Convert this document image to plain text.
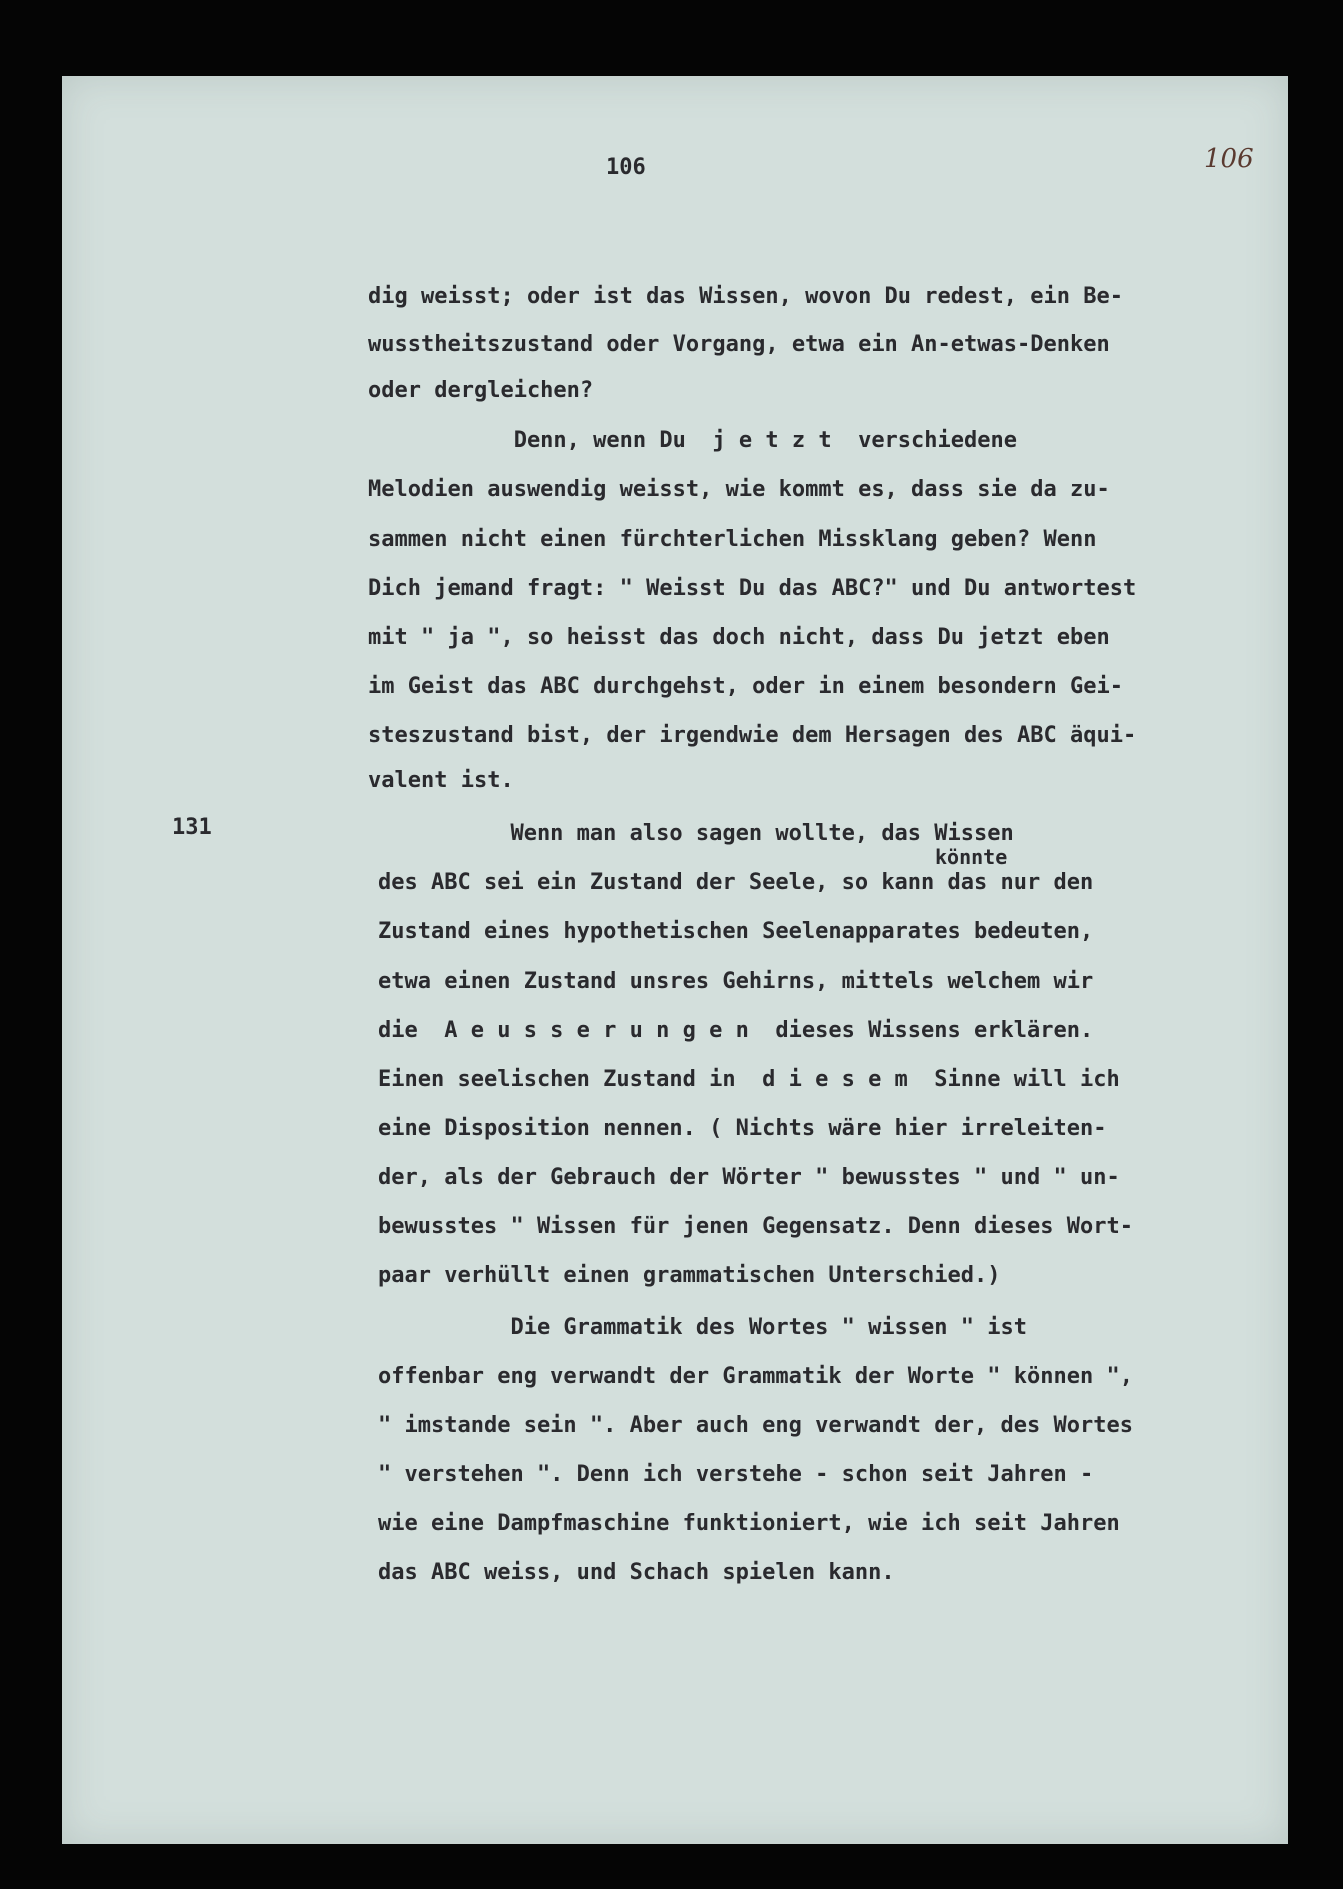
106	106
131
könnte
dig weisst; oder ist das Wissen, wovon Du redest, ein Be-
wusstheitszustand oder Vorgang, etwa ein An-etwas-Denken
oder dergleichen?
Denn, wenn Du  j e t z t  verschiedene
Melodien auswendig weisst, wie kommt es, dass sie da zu-
sammen nicht einen fürchterlichen Missklang geben? Wenn
Dich jemand fragt: " Weisst Du das ABC?" und Du antwortest
mit " ja ", so heisst das doch nicht, dass Du jetzt eben
im Geist das ABC durchgehst, oder in einem besondern Gei-
steszustand bist, der irgendwie dem Hersagen des ABC äqui-
valent ist.
Wenn man also sagen wollte, das Wissen
des ABC sei ein Zustand der Seele, so kann das nur den
Zustand eines hypothetischen Seelenapparates bedeuten,
etwa einen Zustand unsres Gehirns, mittels welchem wir
die  A e u s s e r u n g e n  dieses Wissens erklären.
Einen seelischen Zustand in  d i e s e m  Sinne will ich
eine Disposition nennen. ( Nichts wäre hier irreleiten-
der, als der Gebrauch der Wörter " bewusstes " und " un-
bewusstes " Wissen für jenen Gegensatz. Denn dieses Wort-
paar verhüllt einen grammatischen Unterschied.)
Die Grammatik des Wortes " wissen " ist
offenbar eng verwandt der Grammatik der Worte " können ",
" imstande sein ". Aber auch eng verwandt der, des Wortes
" verstehen ". Denn ich verstehe - schon seit Jahren -
wie eine Dampfmaschine funktioniert, wie ich seit Jahren
das ABC weiss, und Schach spielen kann.
